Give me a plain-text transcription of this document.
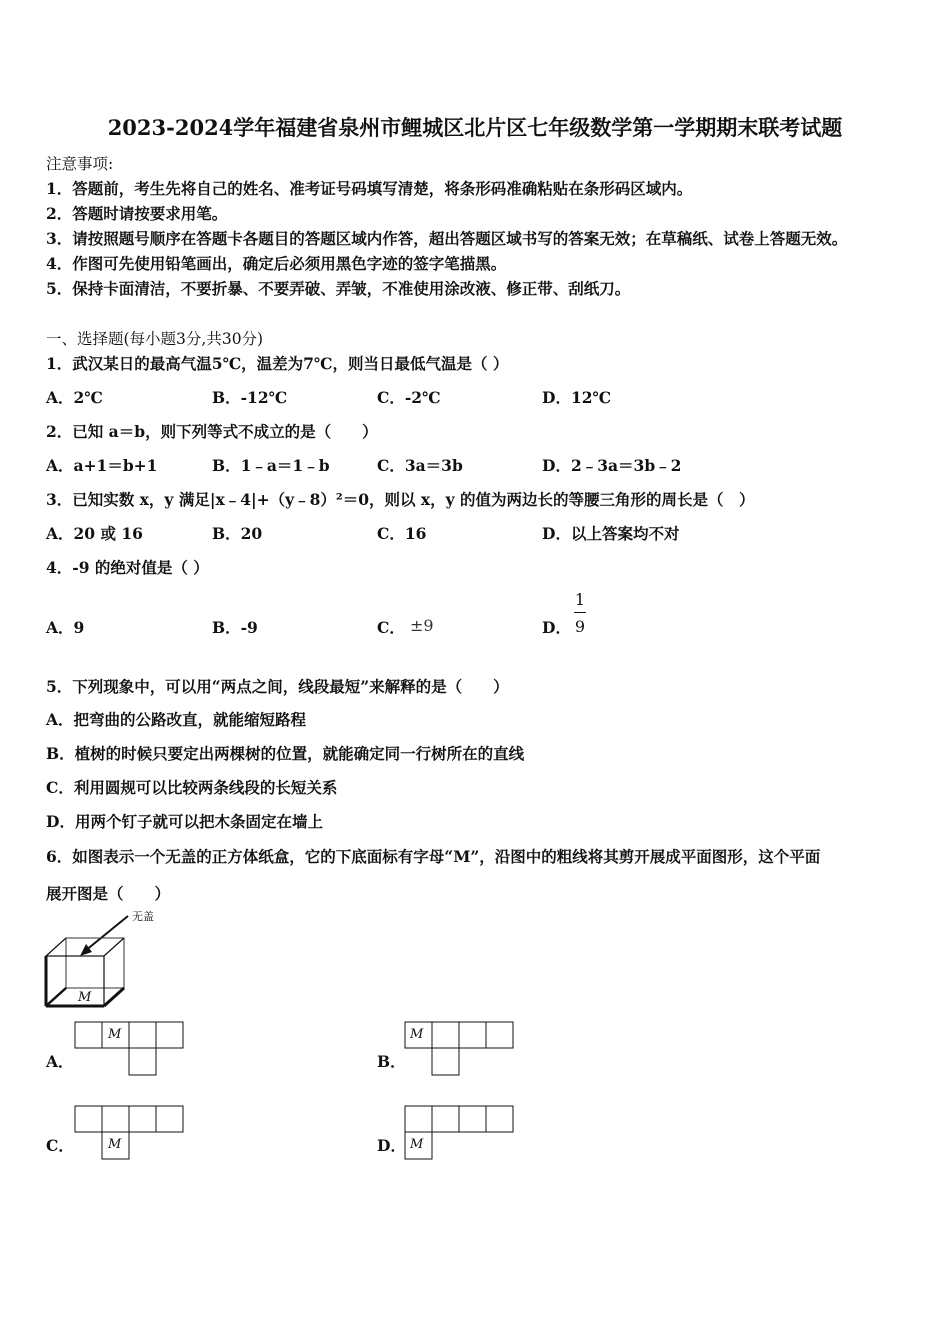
2023-2024学年福建省泉州市鲤城区北片区七年级数学第一学期期末联考试题
注意事项:
1．答题前，考生先将自己的姓名、准考证号码填写清楚，将条形码准确粘贴在条形码区域内。
2．答题时请按要求用笔。
3．请按照题号顺序在答题卡各题目的答题区域内作答，超出答题区域书写的答案无效；在草稿纸、试卷上答题无效。
4．作图可先使用铅笔画出，确定后必须用黑色字迹的签字笔描黑。
5．保持卡面清洁，不要折暴、不要弄破、弄皱，不准使用涂改液、修正带、刮纸刀。
一、选择题(每小题3分,共30分)
1．武汉某日的最高气温5℃，温差为7℃，则当日最低气温是（ ）
A．2℃	B．-12℃	C．-2℃	D．12℃
2．已知 a＝b，则下列等式不成立的是（　　）
A．a+1＝b+1	B．1﹣a＝1﹣b	C．3a＝3b	D．2﹣3a＝3b﹣2
3．已知实数 x，y 满足|x﹣4|+（y﹣8）²＝0，则以 x，y 的值为两边长的等腰三角形的周长是（　）
A．20 或 16	B．20	C．16	D．以上答案均不对
4．-9 的绝对值是（ ）
A．9	B．-9	C． ±9	D．
1
9
5．下列现象中，可以用“两点之间，线段最短”来解释的是（　　）
A．把弯曲的公路改直，就能缩短路程
B．植树的时候只要定出两棵树的位置，就能确定同一行树所在的直线
C．利用圆规可以比较两条线段的长短关系
D．用两个钉子就可以把木条固定在墙上
6．如图表示一个无盖的正方体纸盒，它的下底面标有字母“M”，沿图中的粗线将其剪开展成平面图形，这个平面
展开图是（　　）
无盖
M
A．
M
B．
M
C．	M	D． M
